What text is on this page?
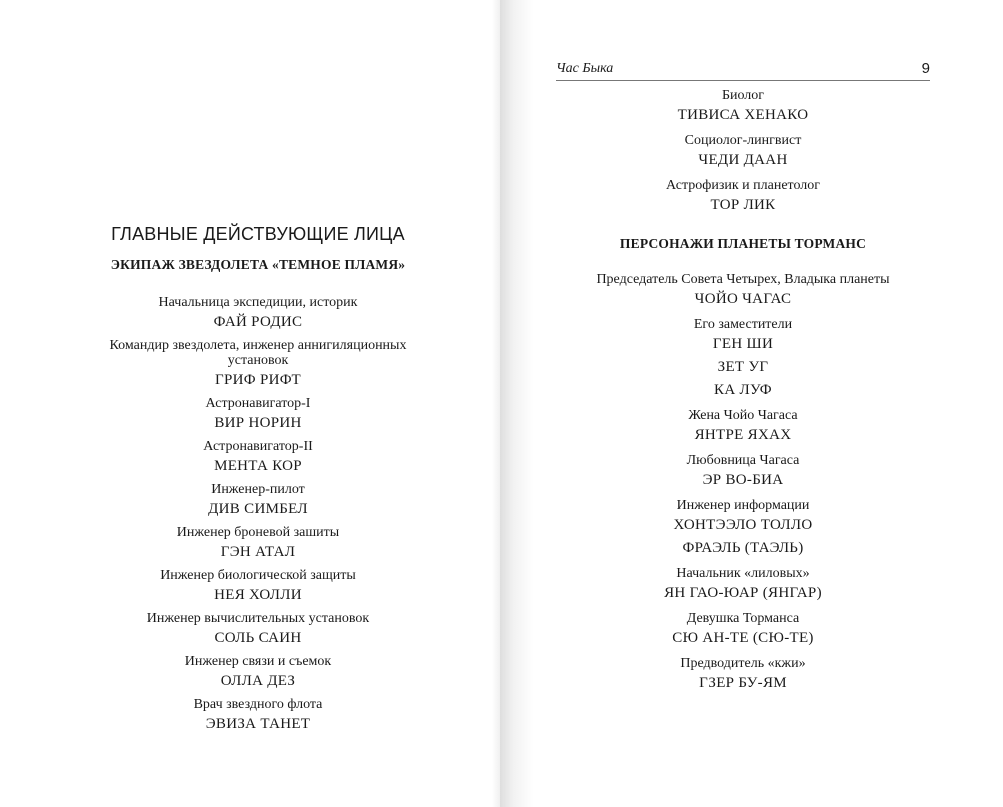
ГЛАВНЫЕ ДЕЙСТВУЮЩИЕ ЛИЦА
ЭКИПАЖ ЗВЕЗДОЛЕТА «ТЕМНОЕ ПЛАМЯ»
Начальница экспедиции, историк
ФАЙ РОДИС
Командир звездолета, инженер аннигиляционных установок
ГРИФ РИФТ
Астронавигатор-I
ВИР НОРИН
Астронавигатор-II
МЕНТА КОР
Инженер-пилот
ДИВ СИМБЕЛ
Инженер броневой зашиты
ГЭН АТАЛ
Инженер биологической защиты
НЕЯ ХОЛЛИ
Инженер вычислительных установок
СОЛЬ САИН
Инженер связи и съемок
ОЛЛА ДЕЗ
Врач звездного флота
ЭВИЗА ТАНЕТ
Час Быка	9
Биолог
ТИВИСА ХЕНАКО
Социолог-лингвист
ЧЕДИ ДААН
Астрофизик и планетолог
ТОР ЛИК
ПЕРСОНАЖИ ПЛАНЕТЫ ТОРМАНС
Председатель Совета Четырех, Владыка планеты
ЧОЙО ЧАГАС
Его заместители
ГЕН ШИ
ЗЕТ УГ
КА ЛУФ
Жена Чойо Чагаса
ЯНТРЕ ЯХАХ
Любовница Чагаса
ЭР ВО-БИА
Инженер информации
ХОНТЭЭЛО ТОЛЛО
ФРАЭЛЬ (ТАЭЛЬ)
Начальник «лиловых»
ЯН ГАО-ЮАР (ЯНГАР)
Девушка Торманса
СЮ АН-ТЕ (СЮ-ТЕ)
Предводитель «кжи»
ГЗЕР БУ-ЯМ
